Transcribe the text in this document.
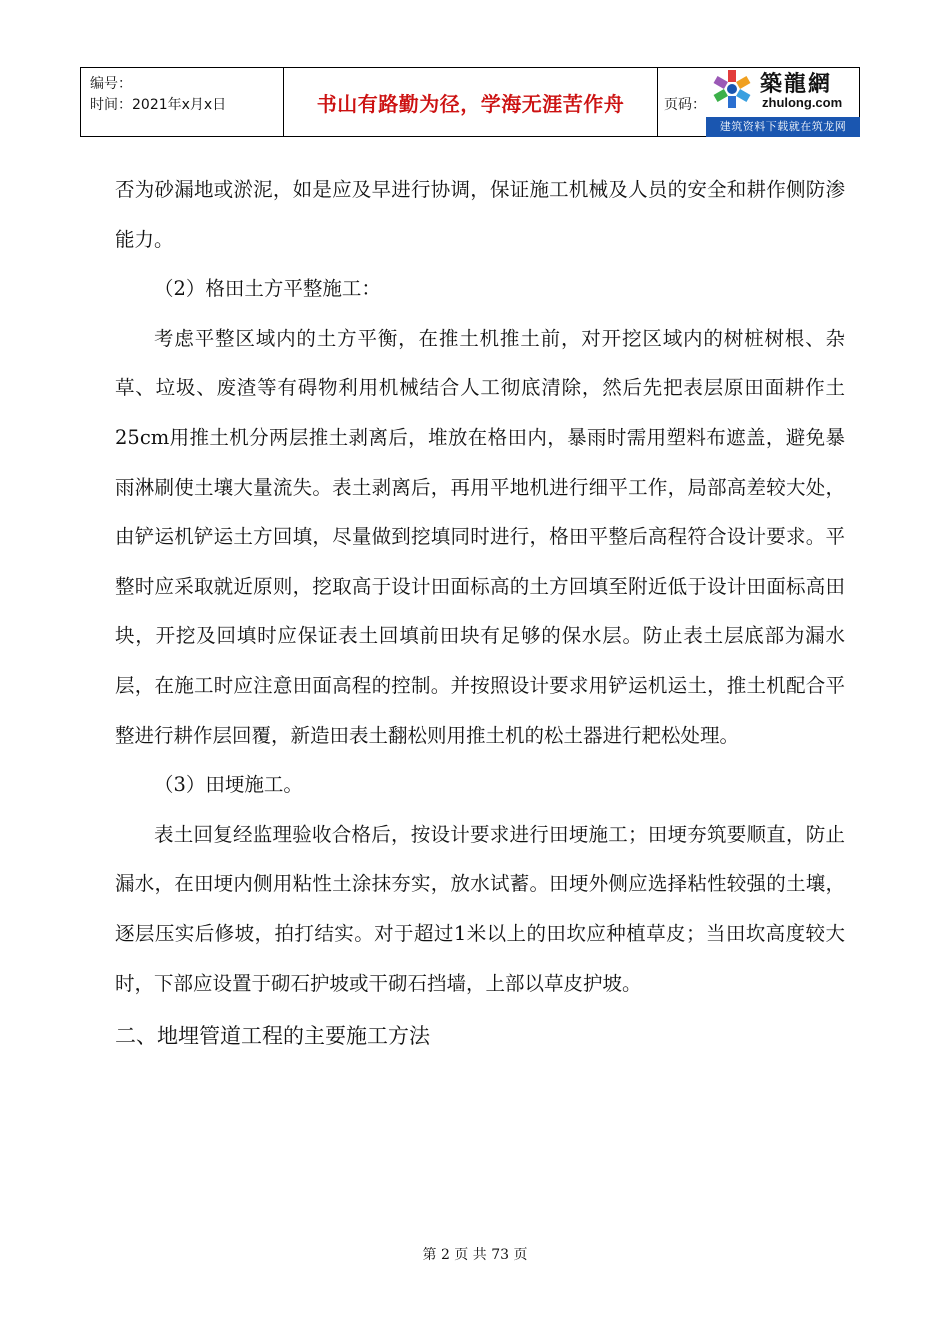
编号：
时间：2021年x月x日	书山有路勤为径，学海无涯苦作舟	页码：
築龍網
zhulong.com
建筑资料下载就在筑龙网

否为砂漏地或淤泥，如是应及早进行协调，保证施工机械及人员的安全和耕作侧防渗能力。

（2）格田土方平整施工：

考虑平整区域内的土方平衡，在推土机推土前，对开挖区域内的树桩树根、杂草、垃圾、废渣等有碍物利用机械结合人工彻底清除，然后先把表层原田面耕作土25cm用推土机分两层推土剥离后，堆放在格田内，暴雨时需用塑料布遮盖，避免暴雨淋刷使土壤大量流失。表土剥离后，再用平地机进行细平工作，局部高差较大处，由铲运机铲运土方回填，尽量做到挖填同时进行，格田平整后高程符合设计要求。平整时应采取就近原则，挖取高于设计田面标高的土方回填至附近低于设计田面标高田块，开挖及回填时应保证表土回填前田块有足够的保水层。防止表土层底部为漏水层，在施工时应注意田面高程的控制。并按照设计要求用铲运机运土，推土机配合平整进行耕作层回覆，新造田表土翻松则用推土机的松土器进行耙松处理。

（3）田埂施工。

表土回复经监理验收合格后，按设计要求进行田埂施工；田埂夯筑要顺直，防止漏水，在田埂内侧用粘性土涂抹夯实，放水试蓄。田埂外侧应选择粘性较强的土壤，逐层压实后修坡，拍打结实。对于超过1米以上的田坎应种植草皮；当田坎高度较大时，下部应设置于砌石护坡或干砌石挡墙，上部以草皮护坡。

二、地埋管道工程的主要施工方法

第 2 页 共 73 页
